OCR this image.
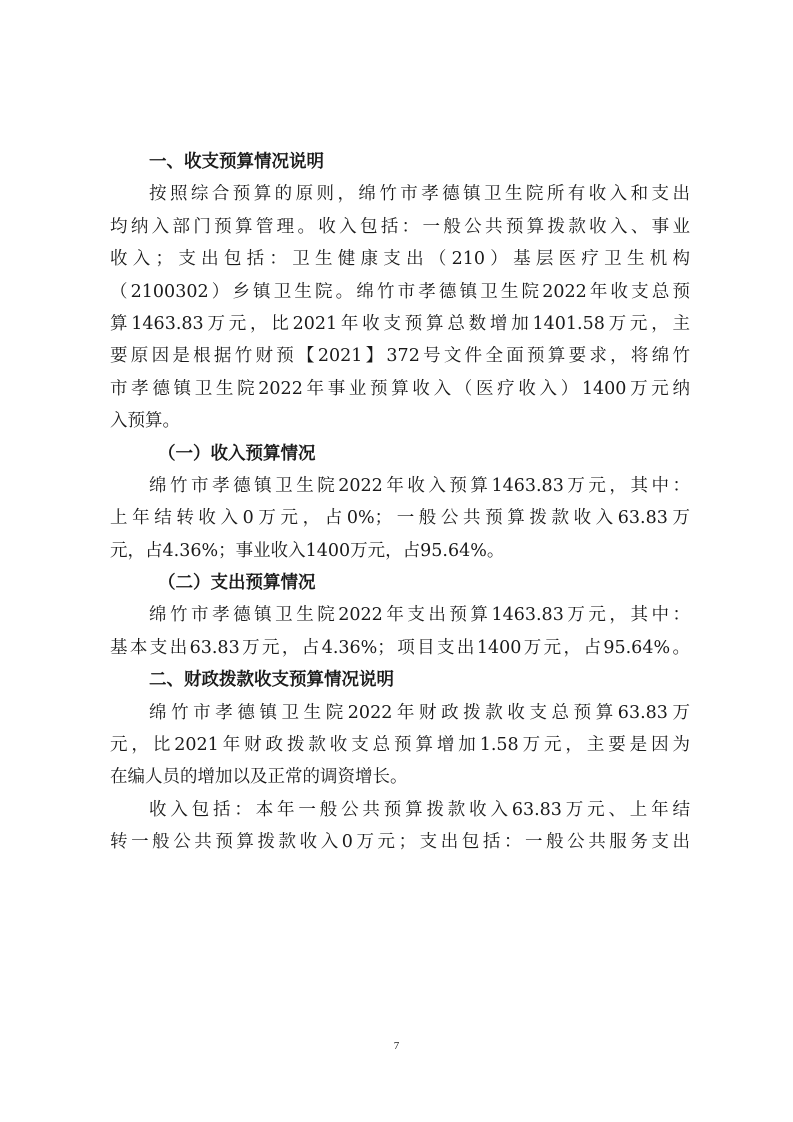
一、收支预算情况说明
按照综合预算的原则，绵竹市孝德镇卫生院所有收入和支出
均纳入部门预算管理。收入包括：一般公共预算拨款收入、事业
收入；支出包括：卫生健康支出（210）基层医疗卫生机构
（2100302）乡镇卫生院。绵竹市孝德镇卫生院2022年收支总预
算1463.83万元，比2021年收支预算总数增加1401.58万元，主
要原因是根据竹财预【2021】372号文件全面预算要求，将绵竹
市孝德镇卫生院2022年事业预算收入（医疗收入）1400万元纳
入预算。
（一）收入预算情况
绵竹市孝德镇卫生院2022年收入预算1463.83万元，其中：
上年结转收入0万元，占0%；一般公共预算拨款收入63.83万
元，占4.36%；事业收入1400万元，占95.64%。
（二）支出预算情况
绵竹市孝德镇卫生院2022年支出预算1463.83万元，其中：
基本支出63.83万元，占4.36%；项目支出1400万元，占95.64%。
二、财政拨款收支预算情况说明
绵竹市孝德镇卫生院2022年财政拨款收支总预算63.83万
元，比2021年财政拨款收支总预算增加1.58万元，主要是因为
在编人员的增加以及正常的调资增长。
收入包括：本年一般公共预算拨款收入63.83万元、上年结
转一般公共预算拨款收入0万元；支出包括：一般公共服务支出
7
